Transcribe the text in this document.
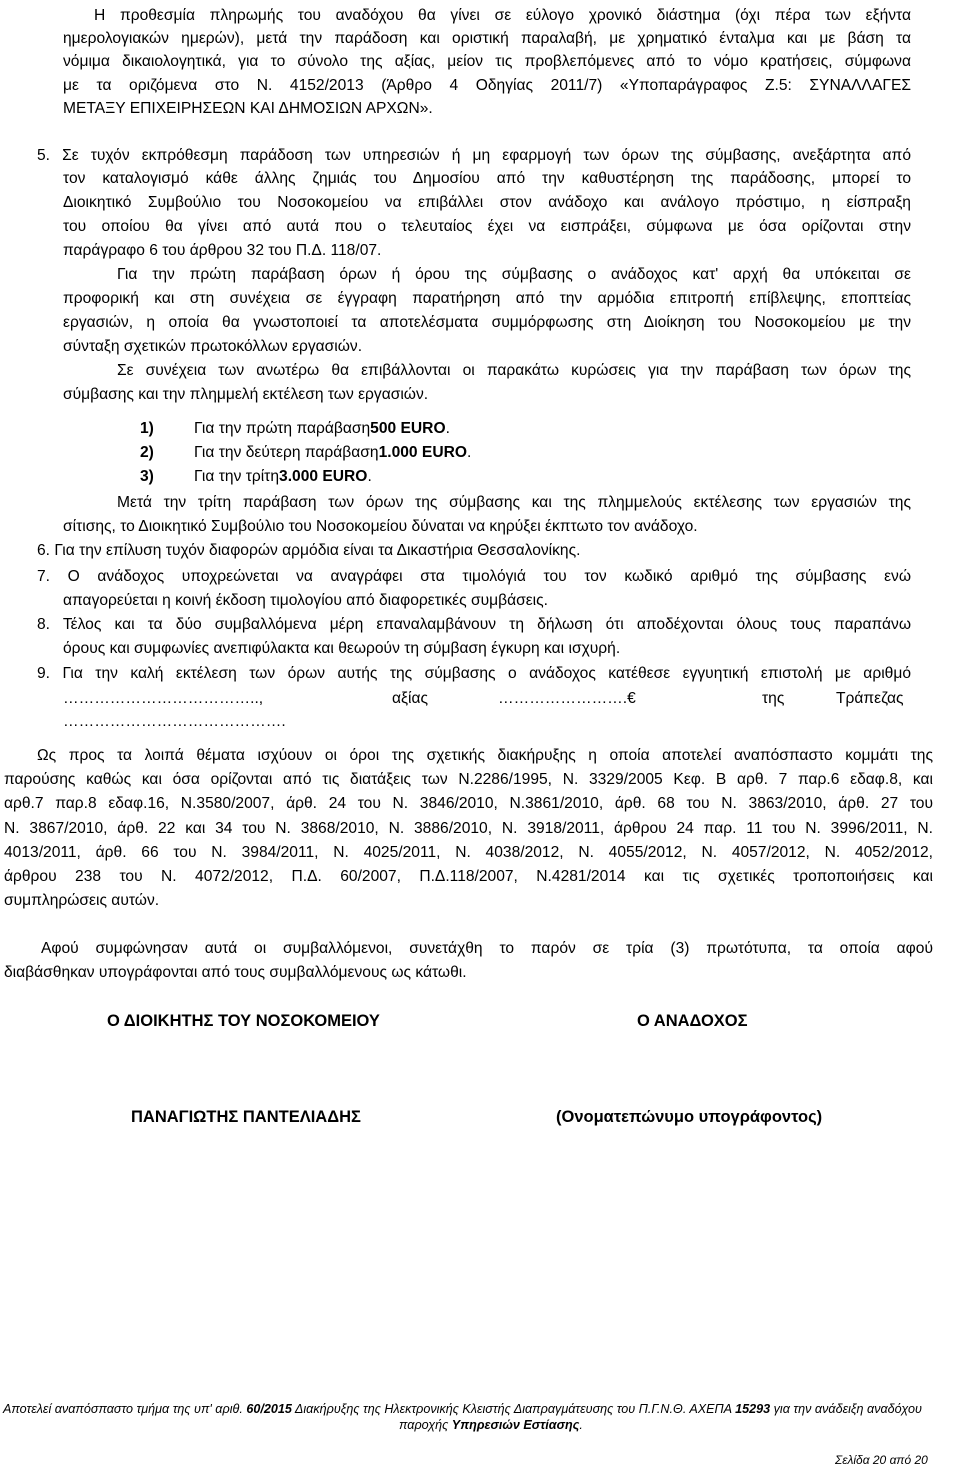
Η προθεσμία πληρωμής του αναδόχου θα γίνει σε εύλογο χρονικό διάστημα (όχι πέρα των εξήντα
ημερολογιακών ημερών), μετά την παράδοση και οριστική παραλαβή, με χρηματικό ένταλμα και με βάση τα
νόμιμα δικαιολογητικά, για το σύνολο της αξίας, μείον τις προβλεπόμενες από το νόμο κρατήσεις, σύμφωνα
με τα οριζόμενα στο Ν. 4152/2013 (Άρθρο 4 Οδηγίας 2011/7) «Υποπαράγραφος Ζ.5: ΣΥΝΑΛΛΑΓΕΣ
ΜΕΤΑΞΥ ΕΠΙΧΕΙΡΗΣΕΩΝ ΚΑΙ ΔΗΜΟΣΙΩΝ ΑΡΧΩΝ».
5. Σε τυχόν εκπρόθεσμη παράδοση των υπηρεσιών ή μη εφαρμογή των όρων της σύμβασης, ανεξάρτητα από
τον καταλογισμό κάθε άλλης ζημιάς του Δημοσίου από την καθυστέρηση της παράδοσης, μπορεί το
Διοικητικό Συμβούλιο του Νοσοκομείου να επιβάλλει στον ανάδοχο και ανάλογο πρόστιμο, η είσπραξη
του οποίου θα γίνει από αυτά που ο τελευταίος έχει να εισπράξει, σύμφωνα με όσα ορίζονται στην
παράγραφο 6 του άρθρου 32 του Π.Δ. 118/07.
Για την πρώτη παράβαση όρων ή όρου της σύμβασης ο ανάδοχος κατ' αρχή θα υπόκειται σε
προφορική και στη συνέχεια σε έγγραφη παρατήρηση από την αρμόδια επιτροπή επίβλεψης, εποπτείας
εργασιών, η οποία θα γνωστοποιεί τα αποτελέσματα συμμόρφωσης στη Διοίκηση του Νοσοκομείου με την
σύνταξη σχετικών πρωτοκόλλων εργασιών.
Σε συνέχεια των ανωτέρω θα επιβάλλονται οι παρακάτω κυρώσεις για την παράβαση των όρων της
σύμβασης και την πλημμελή εκτέλεση των εργασιών.
1)	Για την πρώτη παράβαση500 EURO.
2)	Για την δεύτερη παράβαση1.000 EURO.
3)	Για την τρίτη3.000 EURO.
Μετά την τρίτη παράβαση των όρων της σύμβασης και της πλημμελούς εκτέλεσης των εργασιών της
σίτισης, το Διοικητικό Συμβούλιο του Νοσοκομείου δύναται να κηρύξει έκπτωτο τον ανάδοχο.
6. Για την επίλυση τυχόν διαφορών αρμόδια είναι τα Δικαστήρια Θεσσαλονίκης.
7. Ο ανάδοχος υποχρεώνεται να αναγράφει στα τιμολόγιά του τον κωδικό αριθμό της σύμβασης ενώ
απαγορεύεται η κοινή έκδοση τιμολογίου από διαφορετικές συμβάσεις.
8. Τέλος και τα δύο συμβαλλόμενα μέρη επαναλαμβάνουν τη δήλωση ότι αποδέχονται όλους τους παραπάνω
όρους και συμφωνίες ανεπιφύλακτα και θεωρούν τη σύμβαση έγκυρη και ισχυρή.
9. Για την καλή εκτέλεση των όρων αυτής της σύμβασης ο ανάδοχος κατέθεσε εγγυητική επιστολή με αριθμό
………………………………..,	αξίας	…………………….€	της	Τράπεζας
…………………………………….
Ως προς τα λοιπά θέματα ισχύουν οι όροι της σχετικής διακήρυξης η οποία αποτελεί αναπόσπαστο κομμάτι της
παρούσης καθώς και όσα ορίζονται από τις διατάξεις των Ν.2286/1995, Ν. 3329/2005 Κεφ. Β αρθ. 7 παρ.6 εδαφ.8, και
αρθ.7 παρ.8 εδαφ.16, Ν.3580/2007, άρθ. 24 του Ν. 3846/2010, Ν.3861/2010, άρθ. 68 του Ν. 3863/2010, άρθ. 27 του
Ν. 3867/2010, άρθ. 22 και 34 του Ν. 3868/2010, Ν. 3886/2010, Ν. 3918/2011, άρθρου 24 παρ. 11 του Ν. 3996/2011, Ν.
4013/2011, άρθ. 66 του Ν. 3984/2011, Ν. 4025/2011, Ν. 4038/2012, Ν. 4055/2012, Ν. 4057/2012, Ν. 4052/2012,
άρθρου 238 του Ν. 4072/2012, Π.Δ. 60/2007, Π.Δ.118/2007, Ν.4281/2014 και τις σχετικές τροποποιήσεις και
συμπληρώσεις αυτών.
Αφού συμφώνησαν αυτά οι συμβαλλόμενοι, συνετάχθη το παρόν σε τρία (3) πρωτότυπα, τα οποία αφού
διαβάσθηκαν υπογράφονται από τους συμβαλλόμενους ως κάτωθι.
Ο ΔΙΟΙΚΗΤΗΣ ΤΟΥ ΝΟΣΟΚΟΜΕΙΟΥ	Ο ΑΝΑΔΟΧΟΣ
ΠΑΝΑΓΙΩΤΗΣ ΠΑΝΤΕΛΙΑΔΗΣ	(Ονοματεπώνυμο υπογράφοντος)
Αποτελεί αναπόσπαστο τμήμα της υπ' αριθ. 60/2015 Διακήρυξης της Ηλεκτρονικής Κλειστής Διαπραγμάτευσης του Π.Γ.Ν.Θ. ΑΧΕΠΑ 15293 για την ανάδειξη αναδόχου
παροχής Υπηρεσιών Εστίασης.
Σελίδα 20 από 20
